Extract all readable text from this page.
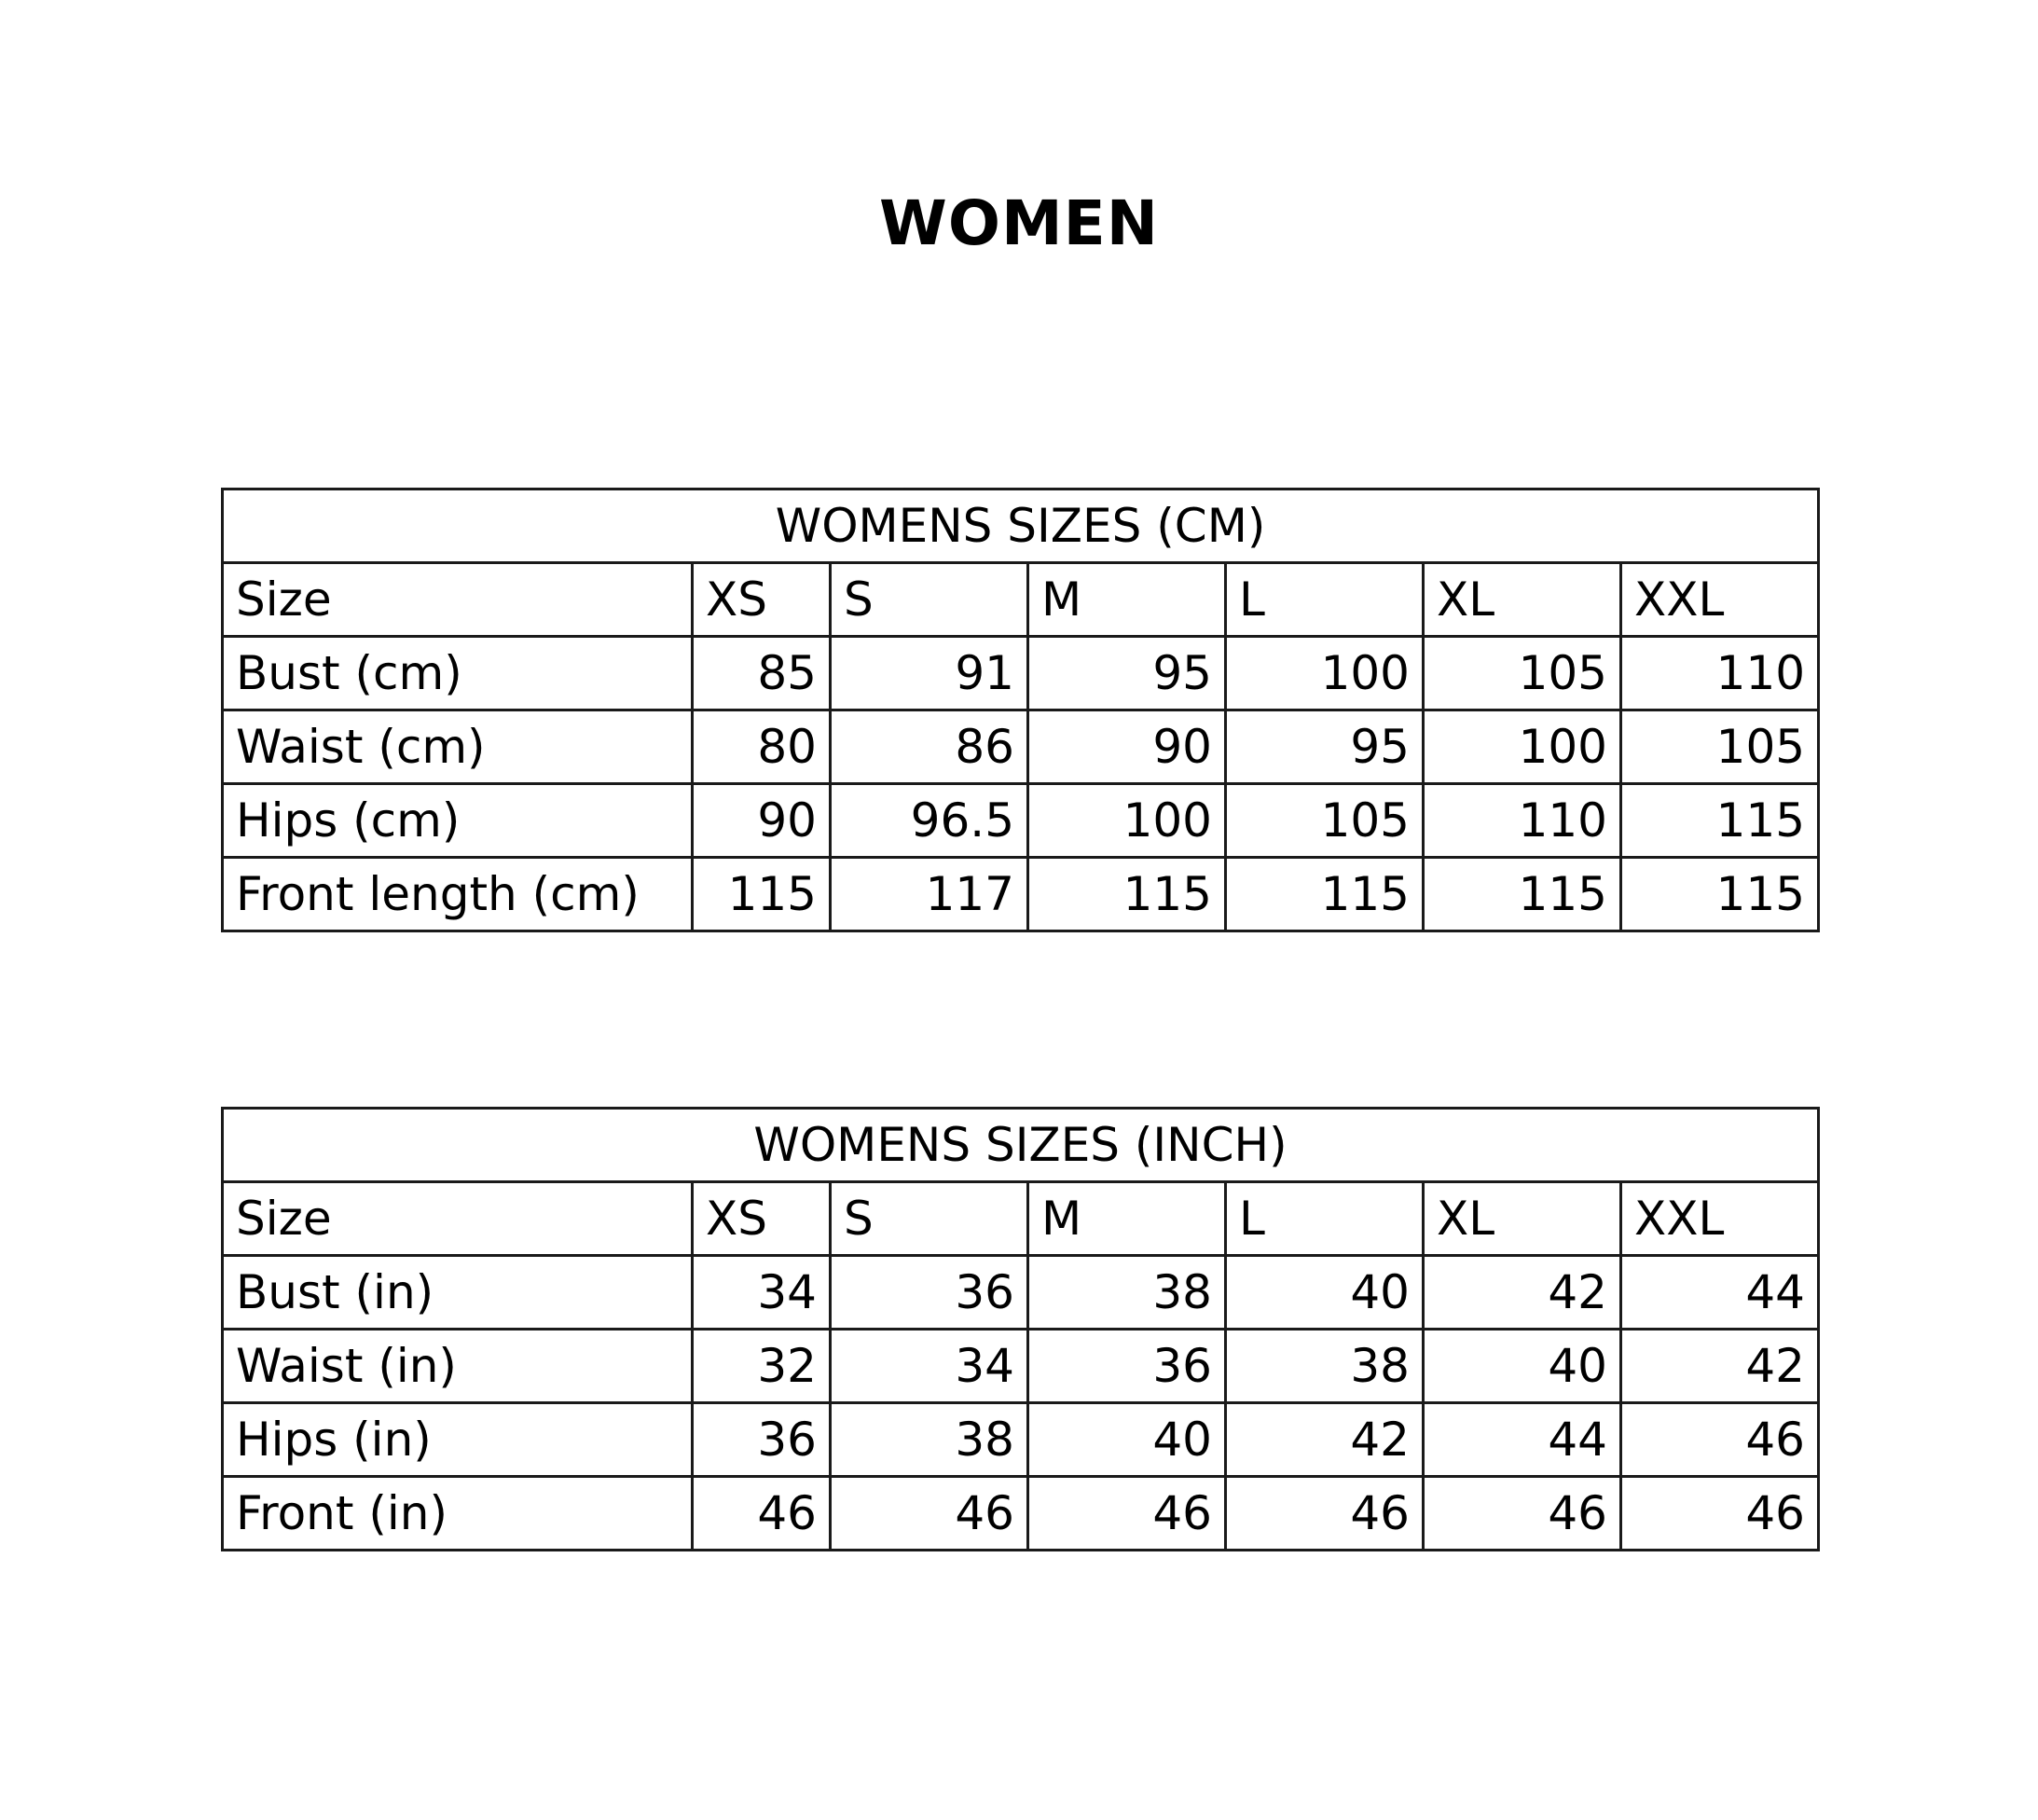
WOMEN
WOMENS SIZES (CM)						
Size	XS	S	M	L	XL	XXL
Bust (cm)	85	91	95	100	105	110
Waist (cm)	80	86	90	95	100	105
Hips (cm)	90	96.5	100	105	110	115
Front length (cm)	115	117	115	115	115	115
WOMENS SIZES (INCH)						
Size	XS	S	M	L	XL	XXL
Bust (in)	34	36	38	40	42	44
Waist (in)	32	34	36	38	40	42
Hips (in)	36	38	40	42	44	46
Front (in)	46	46	46	46	46	46
